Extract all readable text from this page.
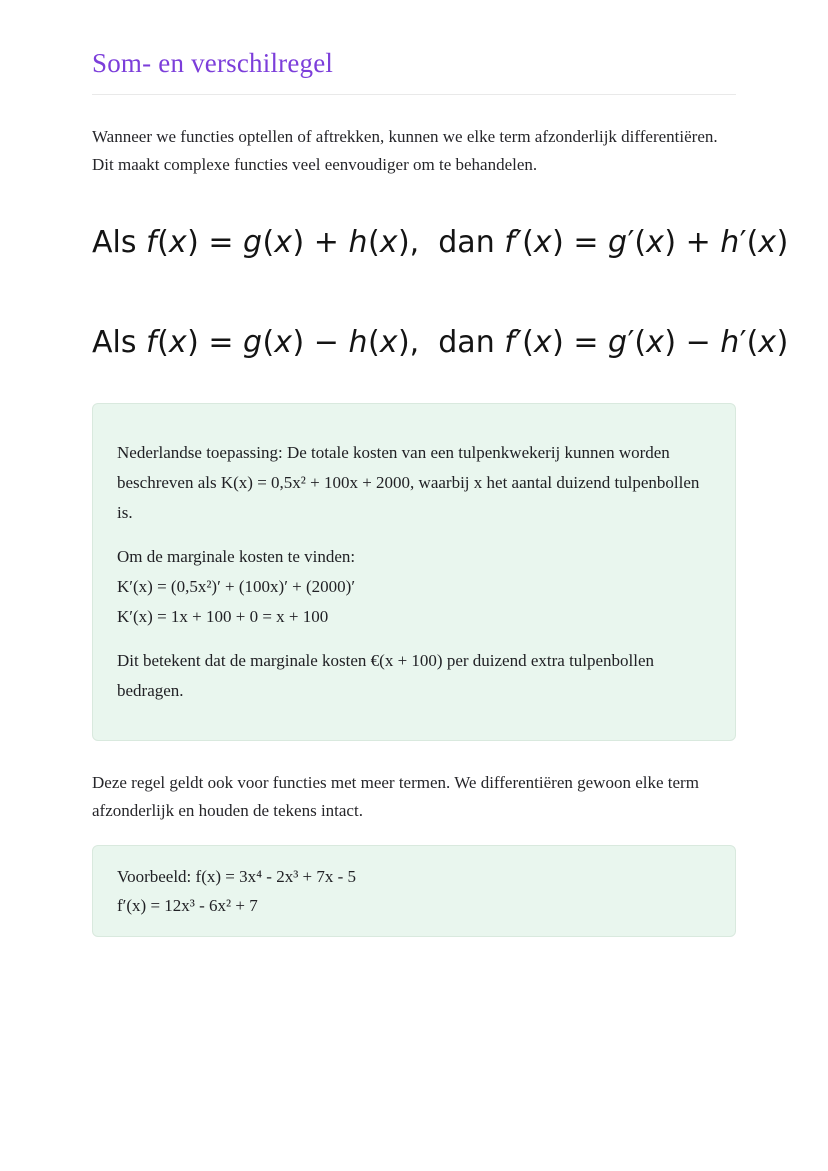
Som- en verschilregel

Wanneer we functies optellen of aftrekken, kunnen we elke term afzonderlijk differentiëren. Dit maakt complexe functies veel eenvoudiger om te behandelen.

Als f(x) = g(x) + h(x),  dan f′(x) = g′(x) + h′(x)
Als f(x) = g(x) − h(x),  dan f′(x) = g′(x) − h′(x)

Nederlandse toepassing: De totale kosten van een tulpenkwekerij kunnen worden beschreven als K(x) = 0,5x² + 100x + 2000, waarbij x het aantal duizend tulpenbollen is.

Om de marginale kosten te vinden:
K′(x) = (0,5x²)′ + (100x)′ + (2000)′
K′(x) = 1x + 100 + 0 = x + 100

Dit betekent dat de marginale kosten €(x + 100) per duizend extra tulpenbollen bedragen.

Deze regel geldt ook voor functies met meer termen. We differentiëren gewoon elke term afzonderlijk en houden de tekens intact.

Voorbeeld: f(x) = 3x⁴ - 2x³ + 7x - 5
f′(x) = 12x³ - 6x² + 7
